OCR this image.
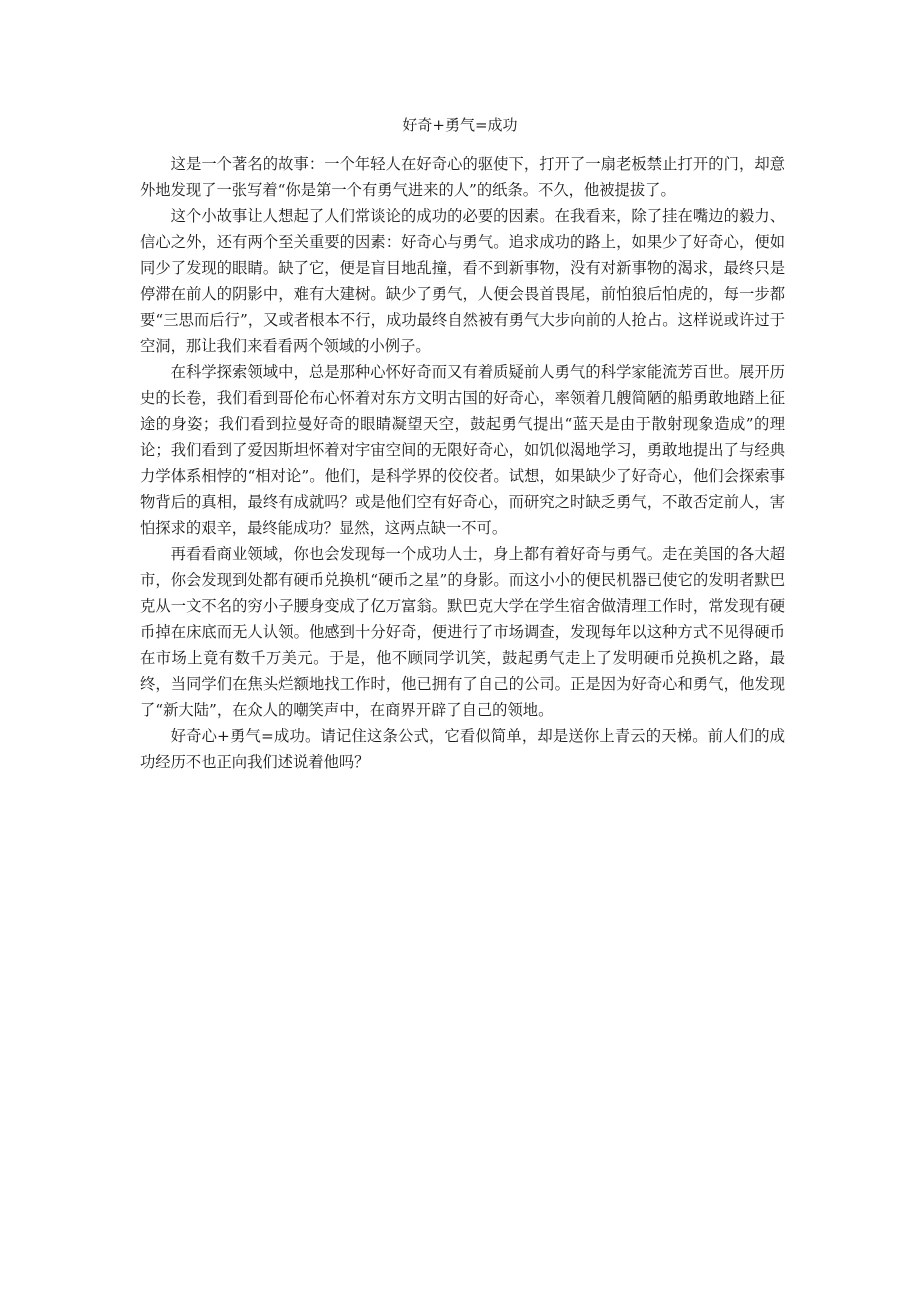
好奇+勇气=成功

这是一个著名的故事：一个年轻人在好奇心的驱使下，打开了一扇老板禁止打开的门，却意外地发现了一张写着“你是第一个有勇气进来的人”的纸条。不久，他被提拔了。

这个小故事让人想起了人们常谈论的成功的必要的因素。在我看来，除了挂在嘴边的毅力、信心之外，还有两个至关重要的因素：好奇心与勇气。追求成功的路上，如果少了好奇心，便如同少了发现的眼睛。缺了它，便是盲目地乱撞，看不到新事物，没有对新事物的渴求，最终只是停滞在前人的阴影中，难有大建树。缺少了勇气，人便会畏首畏尾，前怕狼后怕虎的，每一步都要“三思而后行”，又或者根本不行，成功最终自然被有勇气大步向前的人抢占。这样说或许过于空洞，那让我们来看看两个领域的小例子。

在科学探索领域中，总是那种心怀好奇而又有着质疑前人勇气的科学家能流芳百世。展开历史的长卷，我们看到哥伦布心怀着对东方文明古国的好奇心，率领着几艘简陋的船勇敢地踏上征途的身姿；我们看到拉曼好奇的眼睛凝望天空，鼓起勇气提出“蓝天是由于散射现象造成”的理论；我们看到了爱因斯坦怀着对宇宙空间的无限好奇心，如饥似渴地学习，勇敢地提出了与经典力学体系相悖的“相对论”。他们，是科学界的佼佼者。试想，如果缺少了好奇心，他们会探索事物背后的真相，最终有成就吗？或是他们空有好奇心，而研究之时缺乏勇气，不敢否定前人，害怕探求的艰辛，最终能成功？显然，这两点缺一不可。

再看看商业领域，你也会发现每一个成功人士，身上都有着好奇与勇气。走在美国的各大超市，你会发现到处都有硬币兑换机“硬币之星”的身影。而这小小的便民机器已使它的发明者默巴克从一文不名的穷小子腰身变成了亿万富翁。默巴克大学在学生宿舍做清理工作时，常发现有硬币掉在床底而无人认领。他感到十分好奇，便进行了市场调查，发现每年以这种方式不见得硬币在市场上竟有数千万美元。于是，他不顾同学讥笑，鼓起勇气走上了发明硬币兑换机之路，最终，当同学们在焦头烂额地找工作时，他已拥有了自己的公司。正是因为好奇心和勇气，他发现了“新大陆”，在众人的嘲笑声中，在商界开辟了自己的领地。

好奇心+勇气=成功。请记住这条公式，它看似简单，却是送你上青云的天梯。前人们的成功经历不也正向我们述说着他吗？
